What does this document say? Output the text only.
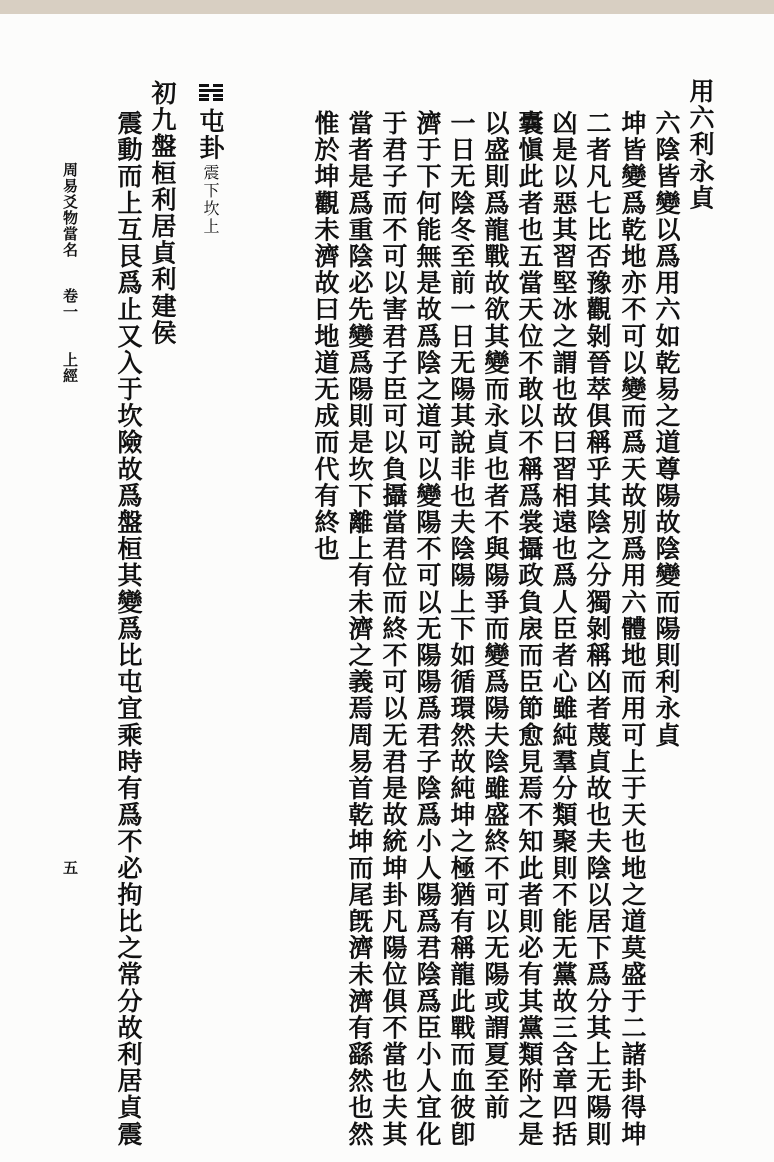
用六利永貞
六陰皆變以爲用六如乾易之道尊陽故陰變而陽則利永貞
坤皆變爲乾地亦不可以變而爲天故別爲用六體地而用可上于天也地之道莫盛于二諸卦得坤
二者凡七比否豫觀剝晉萃俱稱乎其陰之分獨剝稱凶者蔑貞故也夫陰以居下爲分其上无陽則
凶是以惡其習堅冰之謂也故曰習相遠也爲人臣者心雖純羣分類聚則不能无黨故三含章四括
囊愼此者也五當天位不敢以不稱爲裳攝政負扆而臣節愈見焉不知此者則必有其黨類附之是
以盛則爲龍戰故欲其變而永貞也者不與陽爭而變爲陽夫陰雖盛終不可以无陽或謂夏至前
一日无陰冬至前一日无陽其說非也夫陰陽上下如循環然故純坤之極猶有稱龍此戰而血彼卽
濟于下何能無是故爲陰之道可以變陽不可以无陽陽爲君子陰爲小人陽爲君陰爲臣小人宜化
于君子而不可以害君子臣可以負攝當君位而終不可以无君是故統坤卦凡陽位俱不當也夫其
當者是爲重陰必先變爲陽則是坎下離上有未濟之義焉周易首乾坤而尾旣濟未濟有繇然也然
惟於坤觀未濟故曰地道无成而代有終也
屯卦
震下坎上
初九盤桓利居貞利建侯
震動而上互艮爲止又入于坎險故爲盤桓其變爲比屯宜乘時有爲不必拘比之常分故利居貞震
周易爻物當名
卷一
上經
五
